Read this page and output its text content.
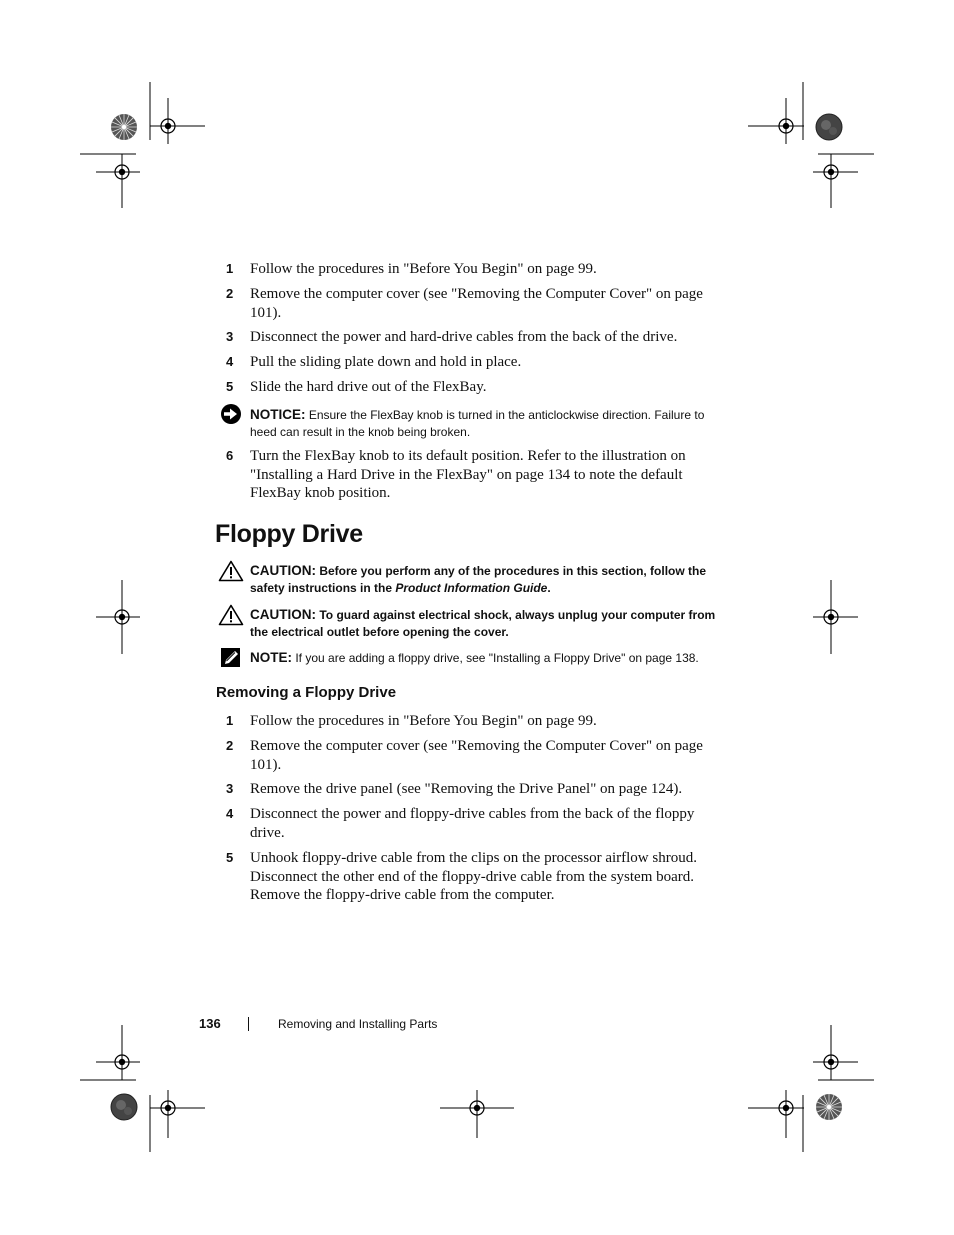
1 Follow the procedures in "Before You Begin" on page 99.
2 Remove the computer cover (see "Removing the Computer Cover" on page 101).
3 Disconnect the power and hard-drive cables from the back of the drive.
4 Pull the sliding plate down and hold in place.
5 Slide the hard drive out of the FlexBay.
NOTICE: Ensure the FlexBay knob is turned in the anticlockwise direction. Failure to heed can result in the knob being broken.
6 Turn the FlexBay knob to its default position. Refer to the illustration on "Installing a Hard Drive in the FlexBay" on page 134 to note the default FlexBay knob position.
Floppy Drive
CAUTION: Before you perform any of the procedures in this section, follow the safety instructions in the Product Information Guide.
CAUTION: To guard against electrical shock, always unplug your computer from the electrical outlet before opening the cover.
NOTE: If you are adding a floppy drive, see "Installing a Floppy Drive" on page 138.
Removing a Floppy Drive
1 Follow the procedures in "Before You Begin" on page 99.
2 Remove the computer cover (see "Removing the Computer Cover" on page 101).
3 Remove the drive panel (see "Removing the Drive Panel" on page 124).
4 Disconnect the power and floppy-drive cables from the back of the floppy drive.
5 Unhook floppy-drive cable from the clips on the processor airflow shroud. Disconnect the other end of the floppy-drive cable from the system board. Remove the floppy-drive cable from the computer.
136	Removing and Installing Parts
